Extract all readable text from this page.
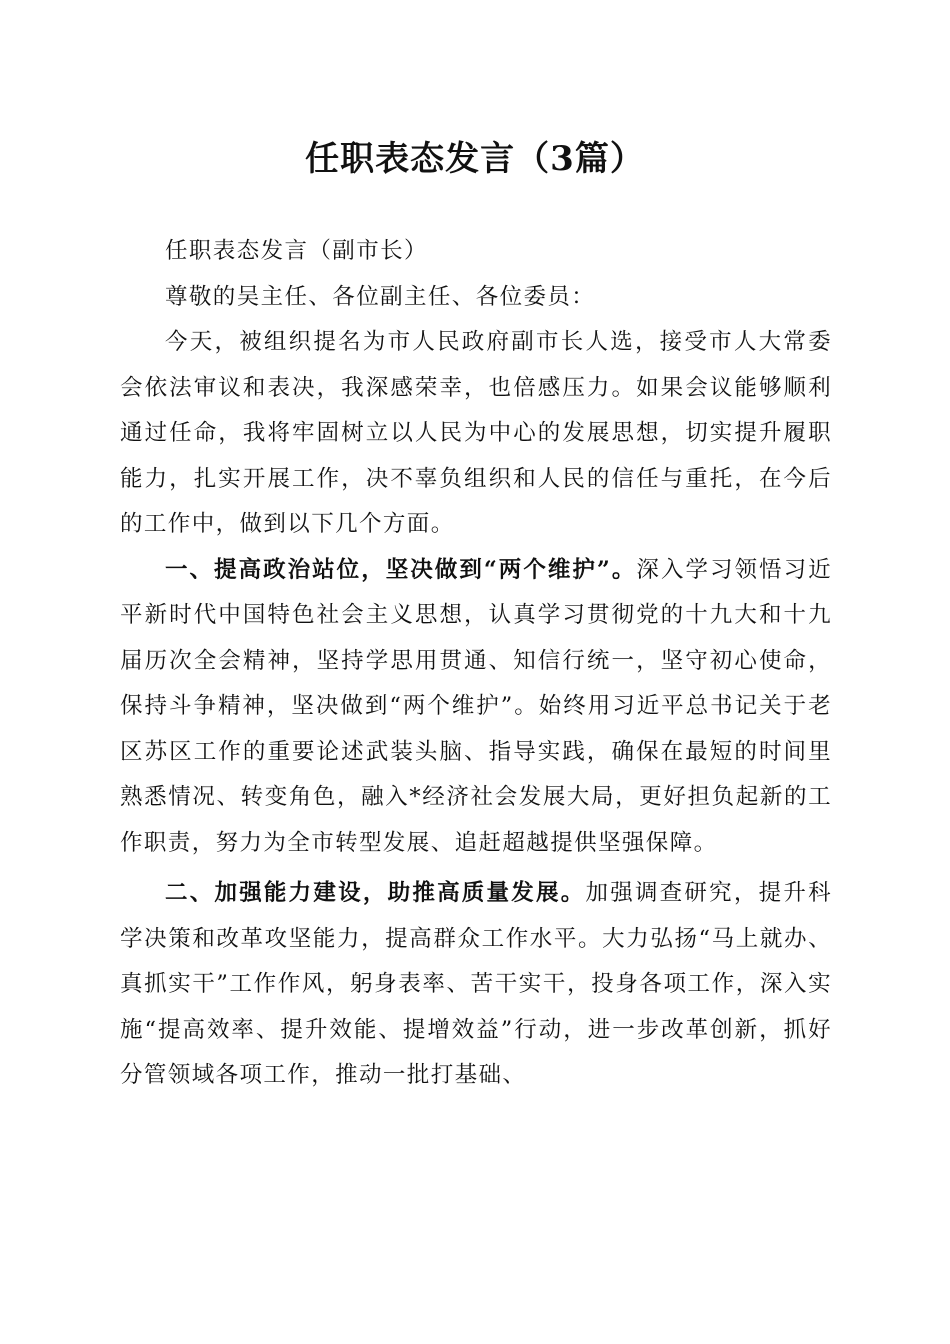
任职表态发言（3篇）

任职表态发言（副市长）

尊敬的吴主任、各位副主任、各位委员：

今天，被组织提名为市人民政府副市长人选，接受市人大常委会依法审议和表决，我深感荣幸，也倍感压力。如果会议能够顺利通过任命，我将牢固树立以人民为中心的发展思想，切实提升履职能力，扎实开展工作，决不辜负组织和人民的信任与重托，在今后的工作中，做到以下几个方面。

一、提高政治站位，坚决做到“两个维护”。深入学习领悟习近平新时代中国特色社会主义思想，认真学习贯彻党的十九大和十九届历次全会精神，坚持学思用贯通、知信行统一，坚守初心使命，保持斗争精神，坚决做到“两个维护”。始终用习近平总书记关于老区苏区工作的重要论述武装头脑、指导实践，确保在最短的时间里熟悉情况、转变角色，融入*经济社会发展大局，更好担负起新的工作职责，努力为全市转型发展、追赶超越提供坚强保障。

二、加强能力建设，助推高质量发展。加强调查研究，提升科学决策和改革攻坚能力，提高群众工作水平。大力弘扬“马上就办、真抓实干”工作作风，躬身表率、苦干实干，投身各项工作，深入实施“提高效率、提升效能、提增效益”行动，进一步改革创新，抓好分管领域各项工作，推动一批打基础、
